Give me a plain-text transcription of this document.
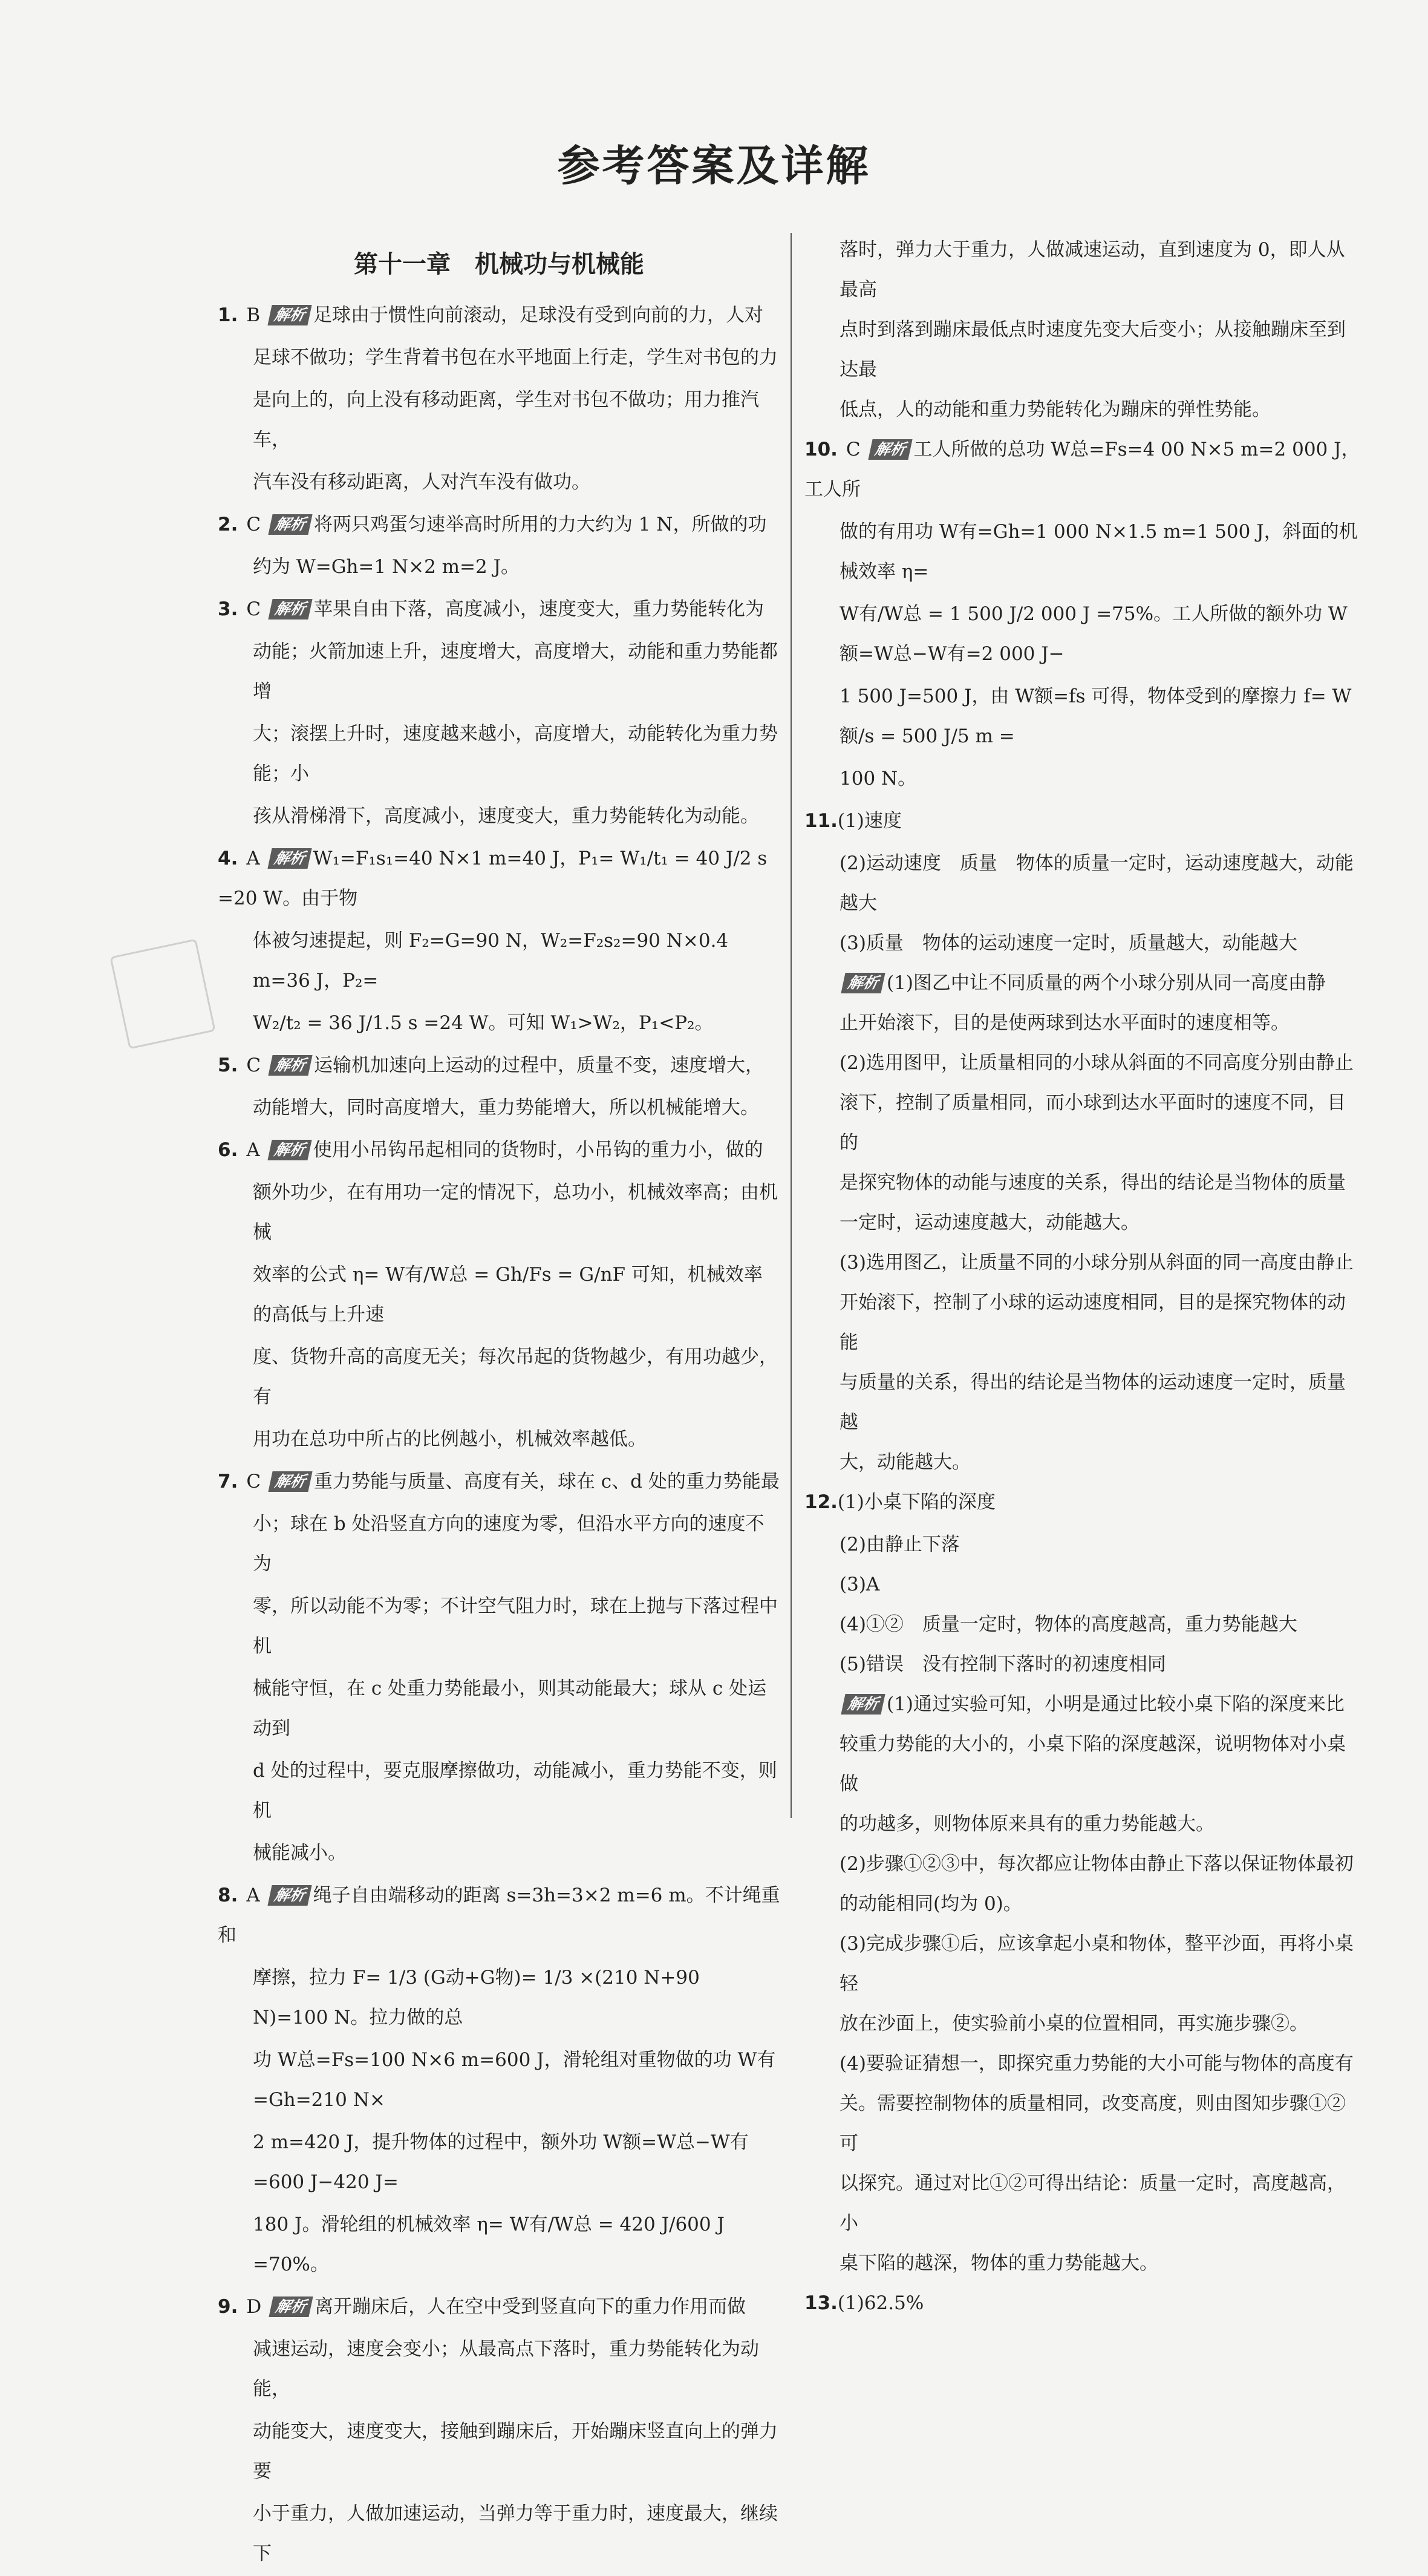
参考答案及详解
第十一章　机械功与机械能
1. B 解析 足球由于惯性向前滚动，足球没有受到向前的力，人对
足球不做功；学生背着书包在水平地面上行走，学生对书包的力
是向上的，向上没有移动距离，学生对书包不做功；用力推汽车，
汽车没有移动距离，人对汽车没有做功。
2. C 解析 将两只鸡蛋匀速举高时所用的力大约为 1 N，所做的功
约为 W=Gh=1 N×2 m=2 J。
3. C 解析 苹果自由下落，高度减小，速度变大，重力势能转化为
动能；火箭加速上升，速度增大，高度增大，动能和重力势能都增
大；滚摆上升时，速度越来越小，高度增大，动能转化为重力势能；小
孩从滑梯滑下，高度减小，速度变大，重力势能转化为动能。
4. A 解析 W₁=F₁s₁=40 N×1 m=40 J，P₁= W₁/t₁ = 40 J/2 s =20 W。由于物
体被匀速提起，则 F₂=G=90 N，W₂=F₂s₂=90 N×0.4 m=36 J，P₂=
W₂/t₂ = 36 J/1.5 s =24 W。可知 W₁>W₂，P₁<P₂。
5. C 解析 运输机加速向上运动的过程中，质量不变，速度增大，
动能增大，同时高度增大，重力势能增大，所以机械能增大。
6. A 解析 使用小吊钩吊起相同的货物时，小吊钩的重力小，做的
额外功少，在有用功一定的情况下，总功小，机械效率高；由机械
效率的公式 η= W有/W总 = Gh/Fs = G/nF 可知，机械效率的高低与上升速
度、货物升高的高度无关；每次吊起的货物越少，有用功越少，有
用功在总功中所占的比例越小，机械效率越低。
7. C 解析 重力势能与质量、高度有关，球在 c、d 处的重力势能最
小；球在 b 处沿竖直方向的速度为零，但沿水平方向的速度不为
零，所以动能不为零；不计空气阻力时，球在上抛与下落过程中机
械能守恒，在 c 处重力势能最小，则其动能最大；球从 c 处运动到
d 处的过程中，要克服摩擦做功，动能减小，重力势能不变，则机
械能减小。
8. A 解析 绳子自由端移动的距离 s=3h=3×2 m=6 m。不计绳重和
摩擦，拉力 F= 1/3 (G动+G物)= 1/3 ×(210 N+90 N)=100 N。拉力做的总
功 W总=Fs=100 N×6 m=600 J，滑轮组对重物做的功 W有=Gh=210 N×
2 m=420 J，提升物体的过程中，额外功 W额=W总−W有=600 J−420 J=
180 J。滑轮组的机械效率 η= W有/W总 = 420 J/600 J =70%。
9. D 解析 离开蹦床后，人在空中受到竖直向下的重力作用而做
减速运动，速度会变小；从最高点下落时，重力势能转化为动能，
动能变大，速度变大，接触到蹦床后，开始蹦床竖直向上的弹力要
小于重力，人做加速运动，当弹力等于重力时，速度最大，继续下
落时，弹力大于重力，人做减速运动，直到速度为 0，即人从最高
点时到落到蹦床最低点时速度先变大后变小；从接触蹦床至到达最
低点，人的动能和重力势能转化为蹦床的弹性势能。
10. C 解析 工人所做的总功 W总=Fs=4 00 N×5 m=2 000 J，工人所
做的有用功 W有=Gh=1 000 N×1.5 m=1 500 J，斜面的机械效率 η=
W有/W总 = 1 500 J/2 000 J =75%。工人所做的额外功 W额=W总−W有=2 000 J−
1 500 J=500 J，由 W额=fs 可得，物体受到的摩擦力 f= W额/s = 500 J/5 m =
100 N。
11.(1)速度
(2)运动速度　质量　物体的质量一定时，运动速度越大，动能
越大
(3)质量　物体的运动速度一定时，质量越大，动能越大
解析 (1)图乙中让不同质量的两个小球分别从同一高度由静
止开始滚下，目的是使两球到达水平面时的速度相等。
(2)选用图甲，让质量相同的小球从斜面的不同高度分别由静止
滚下，控制了质量相同，而小球到达水平面时的速度不同，目的
是探究物体的动能与速度的关系，得出的结论是当物体的质量
一定时，运动速度越大，动能越大。
(3)选用图乙，让质量不同的小球分别从斜面的同一高度由静止
开始滚下，控制了小球的运动速度相同，目的是探究物体的动能
与质量的关系，得出的结论是当物体的运动速度一定时，质量越
大，动能越大。
12.(1)小桌下陷的深度
(2)由静止下落
(3)A
(4)①②　质量一定时，物体的高度越高，重力势能越大
(5)错误　没有控制下落时的初速度相同
解析 (1)通过实验可知，小明是通过比较小桌下陷的深度来比
较重力势能的大小的，小桌下陷的深度越深，说明物体对小桌做
的功越多，则物体原来具有的重力势能越大。
(2)步骤①②③中，每次都应让物体由静止下落以保证物体最初
的动能相同(均为 0)。
(3)完成步骤①后，应该拿起小桌和物体，整平沙面，再将小桌轻
放在沙面上，使实验前小桌的位置相同，再实施步骤②。
(4)要验证猜想一，即探究重力势能的大小可能与物体的高度有
关。需要控制物体的质量相同，改变高度，则由图知步骤①②可
以探究。通过对比①②可得出结论：质量一定时，高度越高，小
桌下陷的越深，物体的重力势能越大。
13.(1)62.5%
